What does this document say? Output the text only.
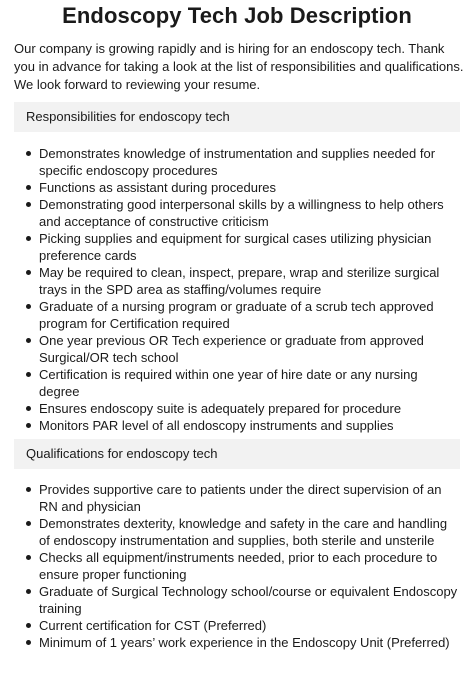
Endoscopy Tech Job Description

Our company is growing rapidly and is hiring for an endoscopy tech. Thank you in advance for taking a look at the list of responsibilities and qualifications. We look forward to reviewing your resume.

Responsibilities for endoscopy tech
Demonstrates knowledge of instrumentation and supplies needed for specific endoscopy procedures
Functions as assistant during procedures
Demonstrating good interpersonal skills by a willingness to help others and acceptance of constructive criticism
Picking supplies and equipment for surgical cases utilizing physician preference cards
May be required to clean, inspect, prepare, wrap and sterilize surgical trays in the SPD area as staffing/volumes require
Graduate of a nursing program or graduate of a scrub tech approved program for Certification required
One year previous OR Tech experience or graduate from approved Surgical/OR tech school
Certification is required within one year of hire date or any nursing degree
Ensures endoscopy suite is adequately prepared for procedure
Monitors PAR level of all endoscopy instruments and supplies
Qualifications for endoscopy tech
Provides supportive care to patients under the direct supervision of an RN and physician
Demonstrates dexterity, knowledge and safety in the care and handling of endoscopy instrumentation and supplies, both sterile and unsterile
Checks all equipment/instruments needed, prior to each procedure to ensure proper functioning
Graduate of Surgical Technology school/course or equivalent Endoscopy training
Current certification for CST (Preferred)
Minimum of 1 years’ work experience in the Endoscopy Unit (Preferred)
